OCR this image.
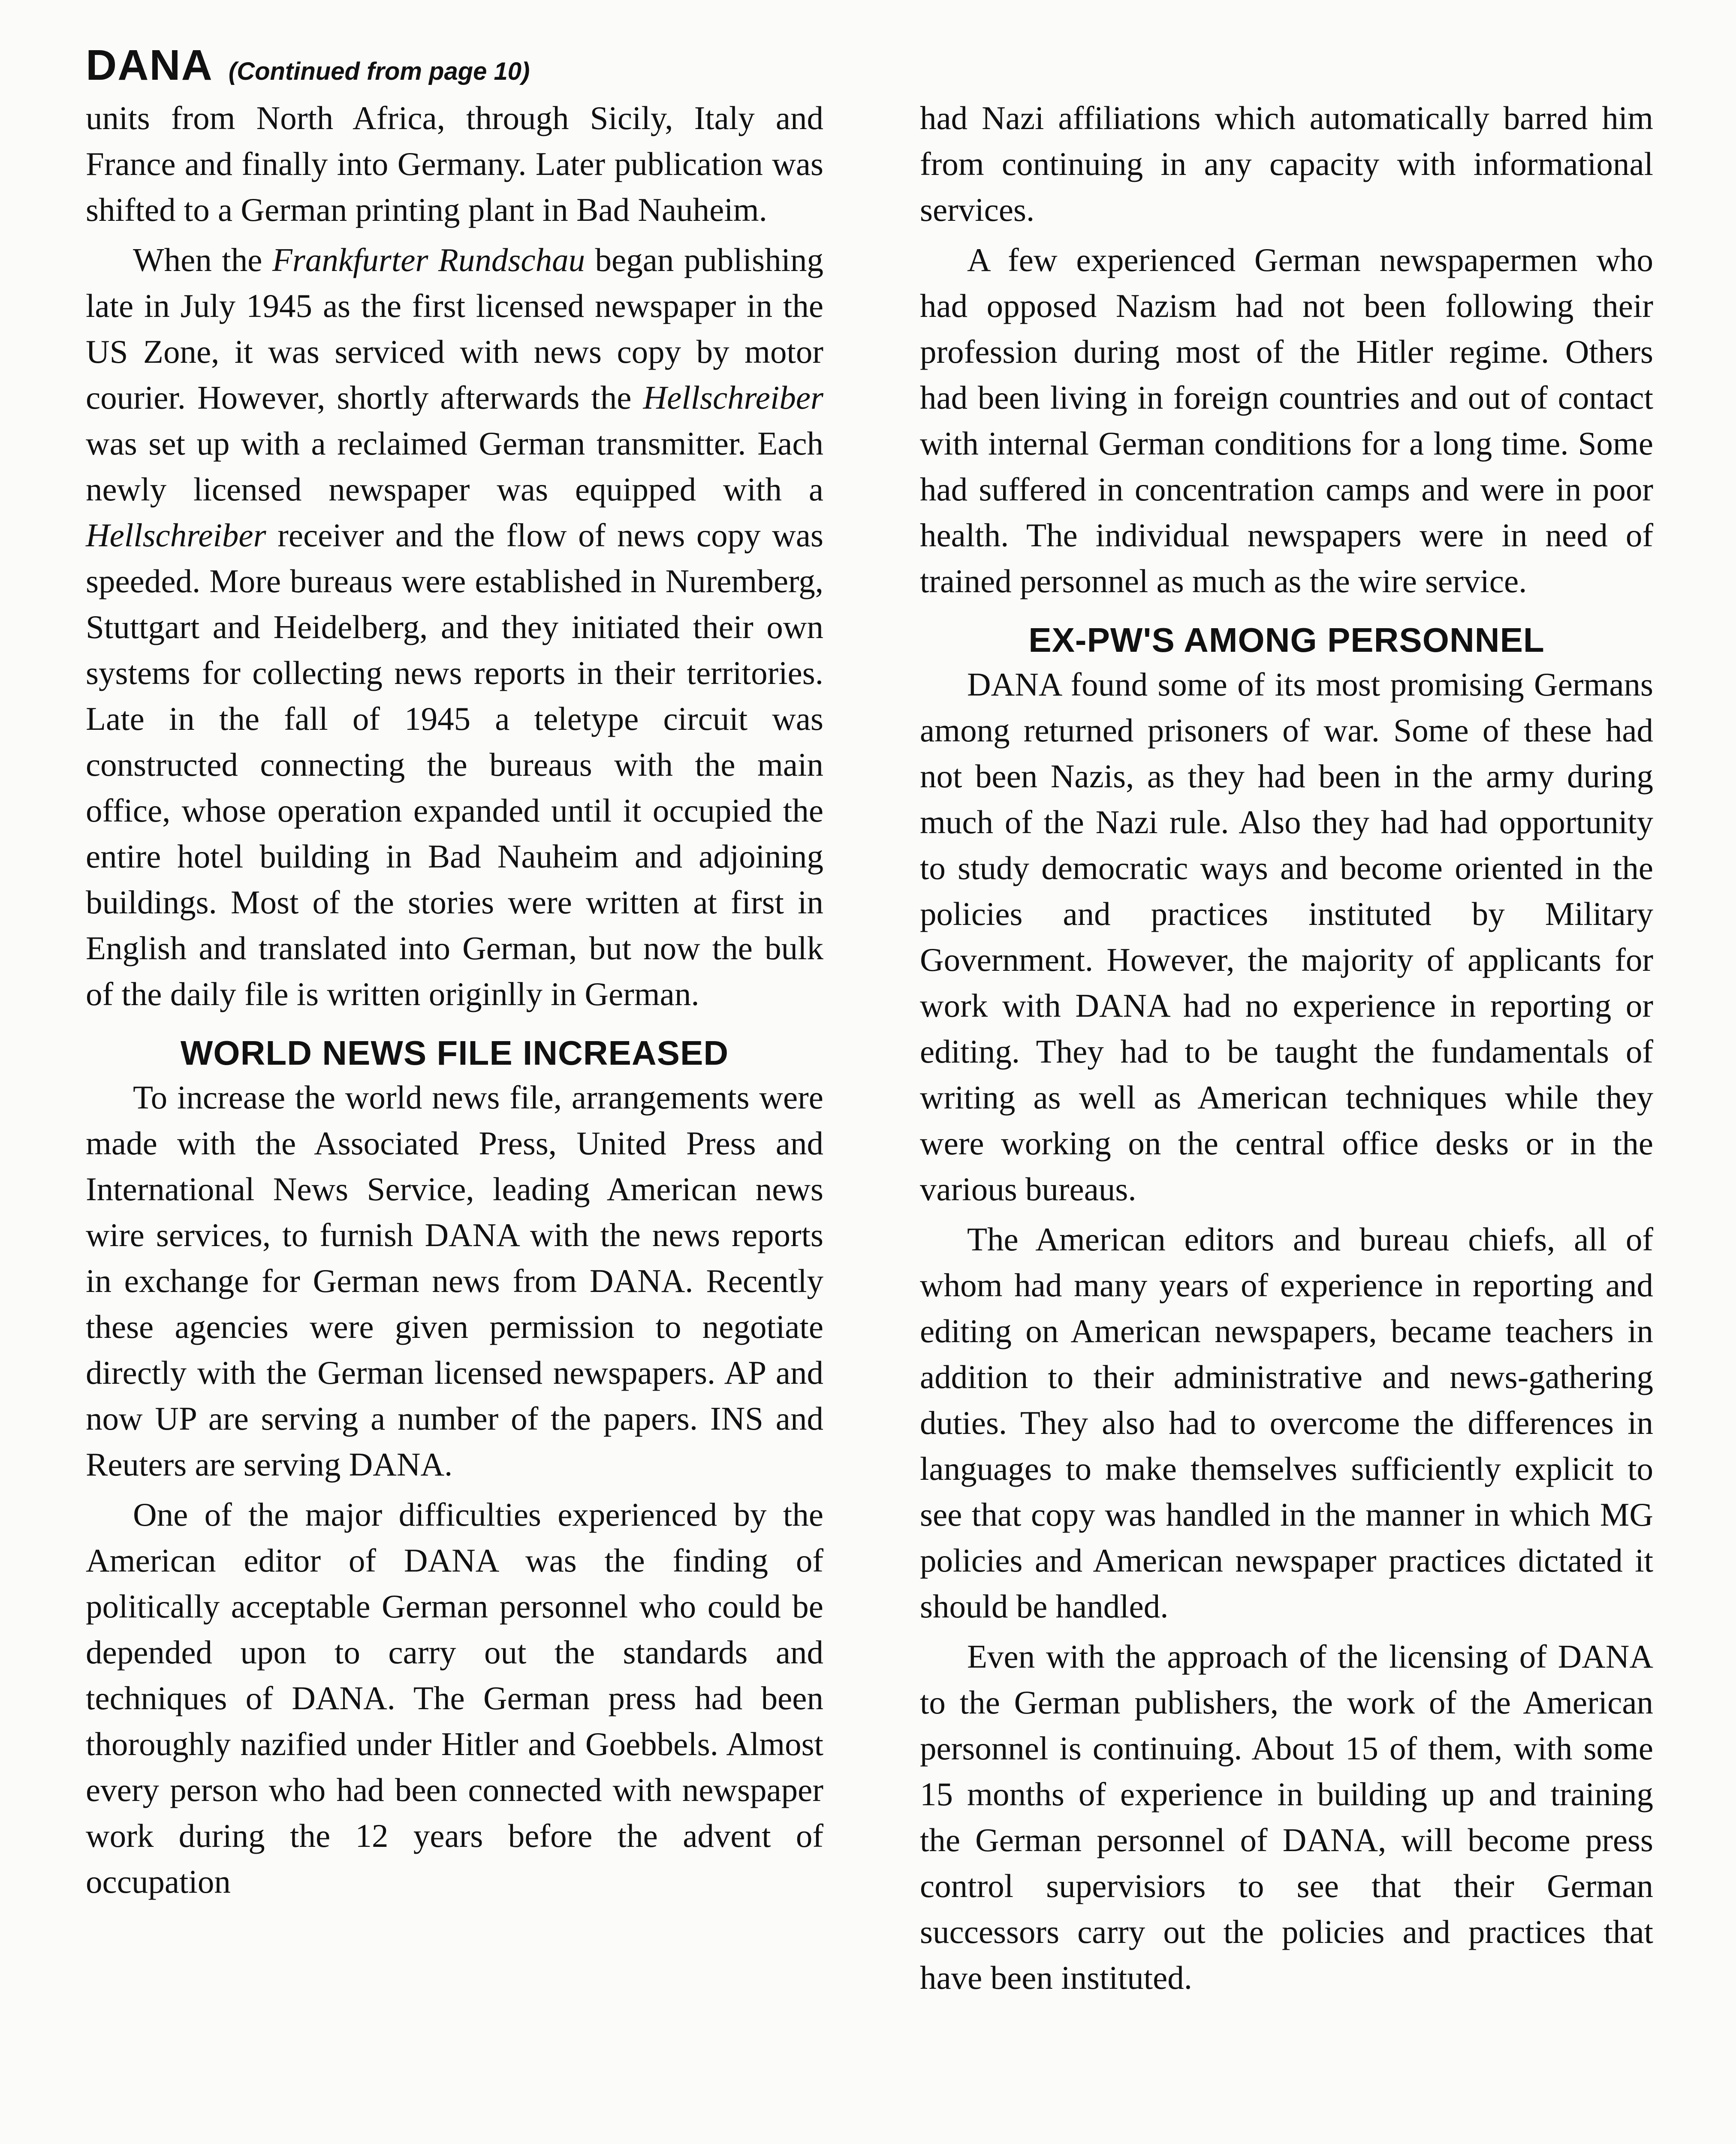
DANA (Continued from page 10)

units from North Africa, through Sicily, Italy and France and finally into Germany. Later publication was shifted to a German printing plant in Bad Nauheim.

When the Frankfurter Rundschau began publishing late in July 1945 as the first licensed newspaper in the US Zone, it was serviced with news copy by motor courier. However, shortly afterwards the Hellschreiber was set up with a reclaimed German transmitter. Each newly licensed newspaper was equipped with a Hellschreiber receiver and the flow of news copy was speeded. More bureaus were established in Nuremberg, Stuttgart and Heidelberg, and they initiated their own systems for collecting news reports in their territories. Late in the fall of 1945 a teletype circuit was constructed connecting the bureaus with the main office, whose operation expanded until it occupied the entire hotel building in Bad Nauheim and adjoining buildings. Most of the stories were written at first in English and translated into German, but now the bulk of the daily file is written originlly in German.

WORLD NEWS FILE INCREASED

To increase the world news file, arrangements were made with the Associated Press, United Press and International News Service, leading American news wire services, to furnish DANA with the news reports in exchange for German news from DANA. Recently these agencies were given permission to negotiate directly with the German licensed newspapers. AP and now UP are serving a number of the papers. INS and Reuters are serving DANA.

One of the major difficulties experienced by the American editor of DANA was the finding of politically acceptable German personnel who could be depended upon to carry out the standards and techniques of DANA. The German press had been thoroughly nazified under Hitler and Goebbels. Almost every person who had been connected with newspaper work during the 12 years before the advent of occupation

had Nazi affiliations which automatically barred him from continuing in any capacity with informational services.

A few experienced German newspapermen who had opposed Nazism had not been following their profession during most of the Hitler regime. Others had been living in foreign countries and out of contact with internal German conditions for a long time. Some had suffered in concentration camps and were in poor health. The individual newspapers were in need of trained personnel as much as the wire service.

EX-PW'S AMONG PERSONNEL

DANA found some of its most promising Germans among returned prisoners of war. Some of these had not been Nazis, as they had been in the army during much of the Nazi rule. Also they had had opportunity to study democratic ways and become oriented in the policies and practices instituted by Military Government. However, the majority of applicants for work with DANA had no experience in reporting or editing. They had to be taught the fundamentals of writing as well as American techniques while they were working on the central office desks or in the various bureaus.

The American editors and bureau chiefs, all of whom had many years of experience in reporting and editing on American newspapers, became teachers in addition to their administrative and news-gathering duties. They also had to overcome the differences in languages to make themselves sufficiently explicit to see that copy was handled in the manner in which MG policies and American newspaper practices dictated it should be handled.

Even with the approach of the licensing of DANA to the German publishers, the work of the American personnel is continuing. About 15 of them, with some 15 months of experience in building up and training the German personnel of DANA, will become press control supervisiors to see that their German successors carry out the policies and practices that have been instituted.
